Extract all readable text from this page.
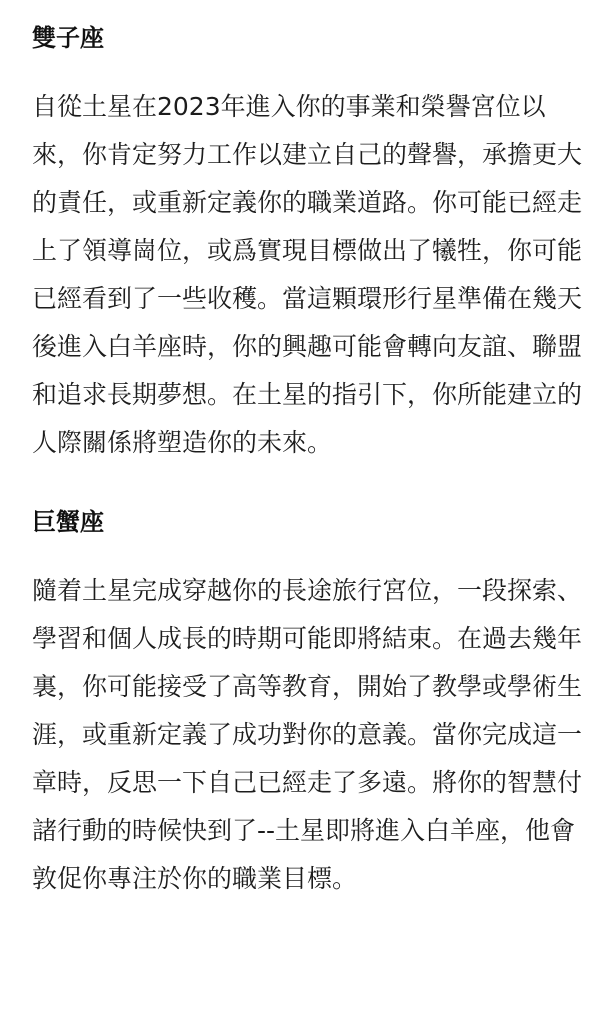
雙子座

自從土星在2023年進入你的事業和榮譽宮位以來，你肯定努力工作以建立自己的聲譽，承擔更大的責任，或重新定義你的職業道路。你可能已經走上了領導崗位，或爲實現目標做出了犧牲，你可能已經看到了一些收穫。當這顆環形行星準備在幾天後進入白羊座時，你的興趣可能會轉向友誼、聯盟和追求長期夢想。在土星的指引下，你所能建立的人際關係將塑造你的未來。

巨蟹座

隨着土星完成穿越你的長途旅行宮位，一段探索、學習和個人成長的時期可能即將結束。在過去幾年裏，你可能接受了高等教育，開始了教學或學術生涯，或重新定義了成功對你的意義。當你完成這一章時，反思一下自己已經走了多遠。將你的智慧付諸行動的時候快到了--土星即將進入白羊座，他會敦促你專注於你的職業目標。
